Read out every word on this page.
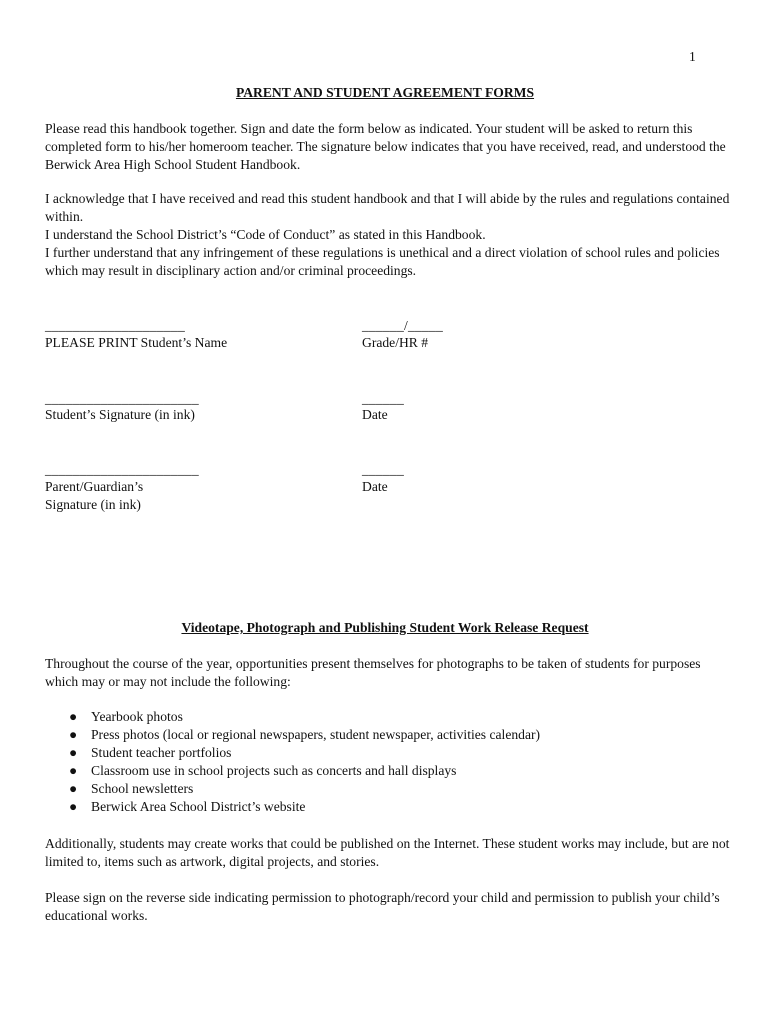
1
PARENT AND STUDENT AGREEMENT FORMS
Please read this handbook together. Sign and date the form below as indicated. Your student will be asked to return this completed form to his/her homeroom teacher. The signature below indicates that you have received, read, and understood the Berwick Area High School Student Handbook.

I acknowledge that I have received and read this student handbook and that I will abide by the rules and regulations contained within.

I understand the School District’s “Code of Conduct” as stated in this Handbook.

I further understand that any infringement of these regulations is unethical and a direct violation of school rules and policies which may result in disciplinary action and/or criminal proceedings.

____________________
PLEASE PRINT Student’s Name
______/_____
Grade/HR #
______________________
Student’s Signature (in ink)
______
Date
______________________
Parent/Guardian’s
Signature (in ink)
______
Date
Videotape, Photograph and Publishing Student Work Release Request
Throughout the course of the year, opportunities present themselves for photographs to be taken of students for purposes which may or may not include the following:
● Yearbook photos
● Press photos (local or regional newspapers, student newspaper, activities calendar)
● Student teacher portfolios
● Classroom use in school projects such as concerts and hall displays
● School newsletters
● Berwick Area School District’s website
Additionally, students may create works that could be published on the Internet. These student works may include, but are not limited to, items such as artwork, digital projects, and stories.
Please sign on the reverse side indicating permission to photograph/record your child and permission to publish your child’s educational works.
